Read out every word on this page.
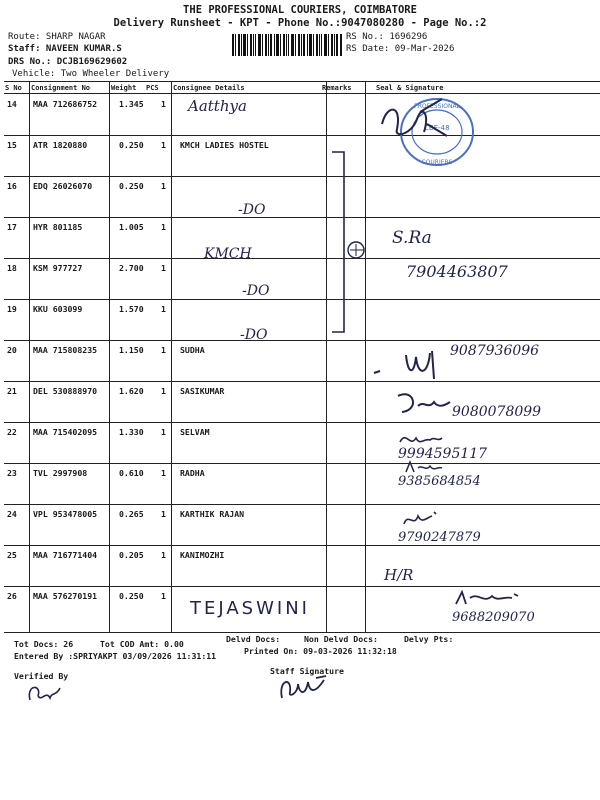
THE PROFESSIONAL COURIERS, COIMBATORE
Delivery Runsheet - KPT - Phone No.:9047080280 - Page No.:2
Route: SHARP NAGAR
Staff: NAVEEN KUMAR.S
DRS No.: DCJB169629602
Vehicle: Two Wheeler Delivery
RS No.: 1696296
RS Date: 09-Mar-2026
S No Consignment No	Weight PCS Consignee Details	Remarks	Seal & Signature
14 MAA 712686752	1.345 1
15 ATR 1820880	0.250 1 KMCH LADIES HOSTEL
16 EDQ 26026070	0.250 1
17 HYR 801185	1.005 1
18 KSM 977727	2.700 1
19 KKU 603099	1.570 1
20 MAA 715808235	1.150 1 SUDHA
21 DEL 530888970	1.620 1 SASIKUMAR
22 MAA 715402095	1.330 1 SELVAM
23 TVL 2997908	0.610 1 RADHA
24 VPL 953478005	0.265 1 KARTHIK RAJAN
25 MAA 716771404	0.205 1 KANIMOZHI
26 MAA 576270191	0.250 1
PROFESSIONAL
COURIERS
CBE-48
Aatthya
-DO
KMCH
-DO
-DO
TEJASWINI
S.Ra
7904463807
9087936096
9080078099
9994595117
9385684854
9790247879
H/R
9688209070
Tot Docs: 26	Tot COD Amt: 0.00	Delvd Docs:	Non Delvd Docs:	Delvy Pts:
Entered By :SPRIYAKPT 03/09/2026 11:31:11	Printed On: 09-03-2026 11:32:18
Verified By	Staff Signature
